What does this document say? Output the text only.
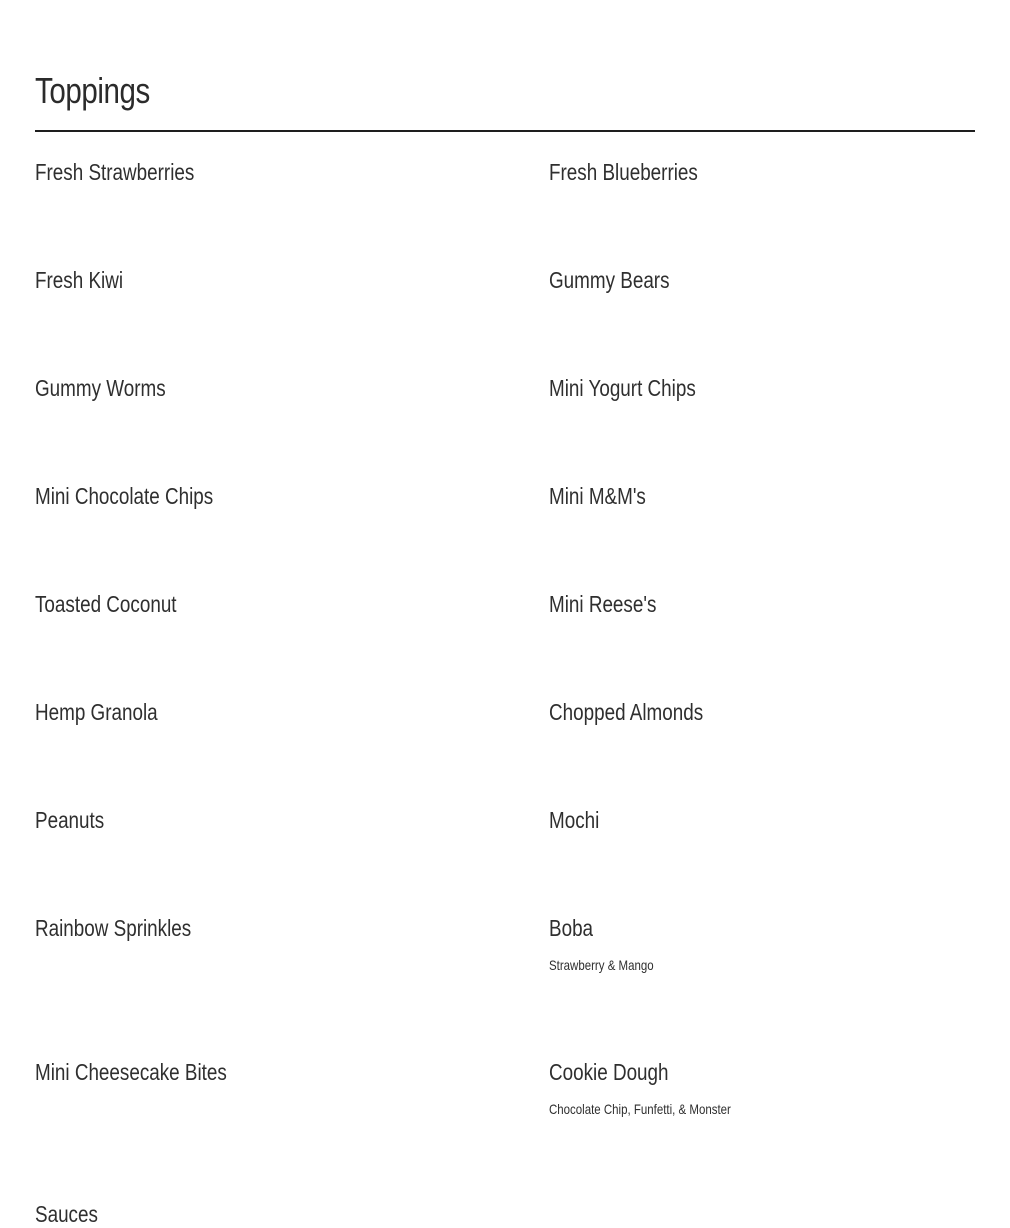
Toppings
Fresh Strawberries	Fresh Blueberries
Fresh Kiwi	Gummy Bears
Gummy Worms	Mini Yogurt Chips
Mini Chocolate Chips	Mini M&M's
Toasted Coconut	Mini Reese's
Hemp Granola	Chopped Almonds
Peanuts	Mochi
Rainbow Sprinkles	Boba
Strawberry & Mango
Mini Cheesecake Bites	Cookie Dough
Chocolate Chip, Funfetti, & Monster
Sauces
